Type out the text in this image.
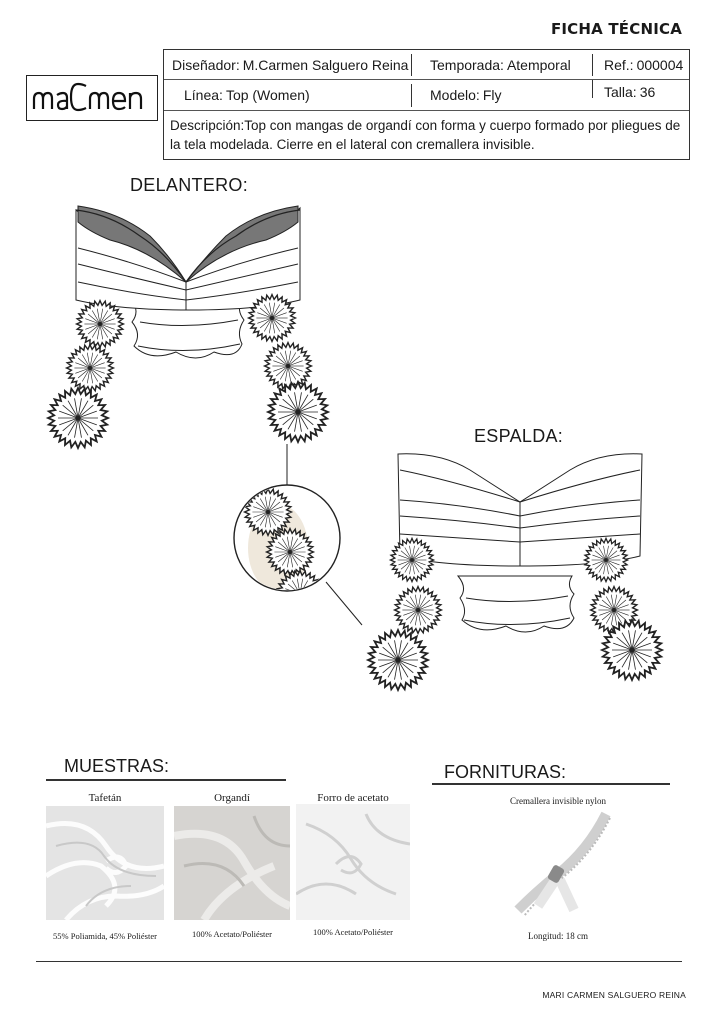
FICHA TÉCNICA
Diseñador: M.Carmen Salguero Reina Temporada: Atemporal Ref.: 000004
Línea: Top (Women)	Modelo: Fly	Talla: 36
Descripción:Top con mangas de organdí con forma y cuerpo formado por pliegues de la tela modelada. Cierre en el lateral con cremallera invisible.
DELANTERO:
ESPALDA:
MUESTRAS:
Tafetán
55% Poliamida, 45% Poliéster
Organdí
100% Acetato/Poliéster
Forro de acetato
100% Acetato/Poliéster
FORNITURAS:
Cremallera invisible nylon
Longitud: 18 cm
MARI CARMEN SALGUERO REINA
